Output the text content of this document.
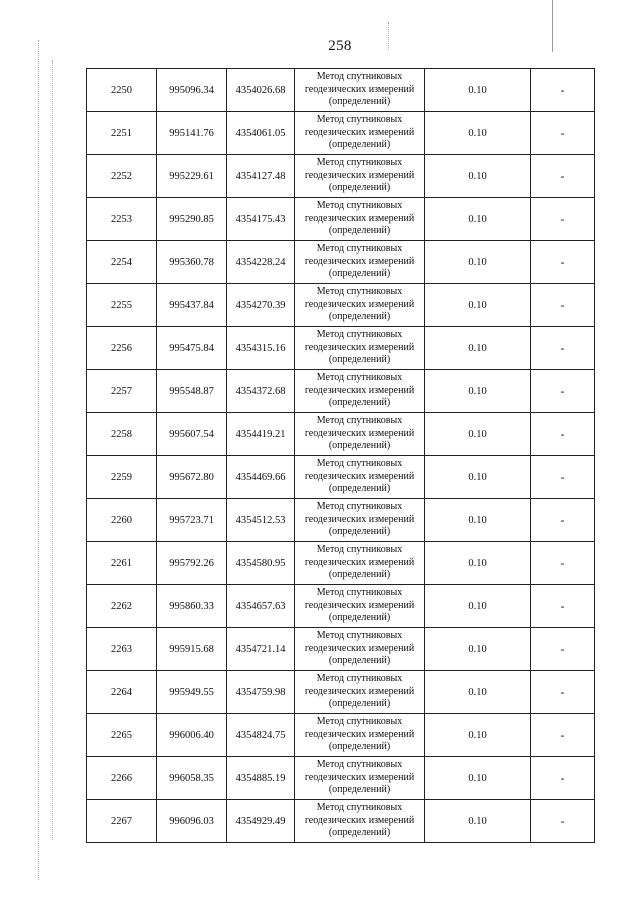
258
2250	995096.34	4354026.68	Метод спутниковых
геодезических измерений
(определений)	0.10	-
2251	995141.76	4354061.05	Метод спутниковых
геодезических измерений
(определений)	0.10	-
2252	995229.61	4354127.48	Метод спутниковых
геодезических измерений
(определений)	0.10	-
2253	995290.85	4354175.43	Метод спутниковых
геодезических измерений
(определений)	0.10	-
2254	995360.78	4354228.24	Метод спутниковых
геодезических измерений
(определений)	0.10	-
2255	995437.84	4354270.39	Метод спутниковых
геодезических измерений
(определений)	0.10	-
2256	995475.84	4354315.16	Метод спутниковых
геодезических измерений
(определений)	0.10	-
2257	995548.87	4354372.68	Метод спутниковых
геодезических измерений
(определений)	0.10	-
2258	995607.54	4354419.21	Метод спутниковых
геодезических измерений
(определений)	0.10	-
2259	995672.80	4354469.66	Метод спутниковых
геодезических измерений
(определений)	0.10	-
2260	995723.71	4354512.53	Метод спутниковых
геодезических измерений
(определений)	0.10	-
2261	995792.26	4354580.95	Метод спутниковых
геодезических измерений
(определений)	0.10	-
2262	995860.33	4354657.63	Метод спутниковых
геодезических измерений
(определений)	0.10	-
2263	995915.68	4354721.14	Метод спутниковых
геодезических измерений
(определений)	0.10	-
2264	995949.55	4354759.98	Метод спутниковых
геодезических измерений
(определений)	0.10	-
2265	996006.40	4354824.75	Метод спутниковых
геодезических измерений
(определений)	0.10	-
2266	996058.35	4354885.19	Метод спутниковых
геодезических измерений
(определений)	0.10	-
2267	996096.03	4354929.49	Метод спутниковых
геодезических измерений
(определений)	0.10	-
